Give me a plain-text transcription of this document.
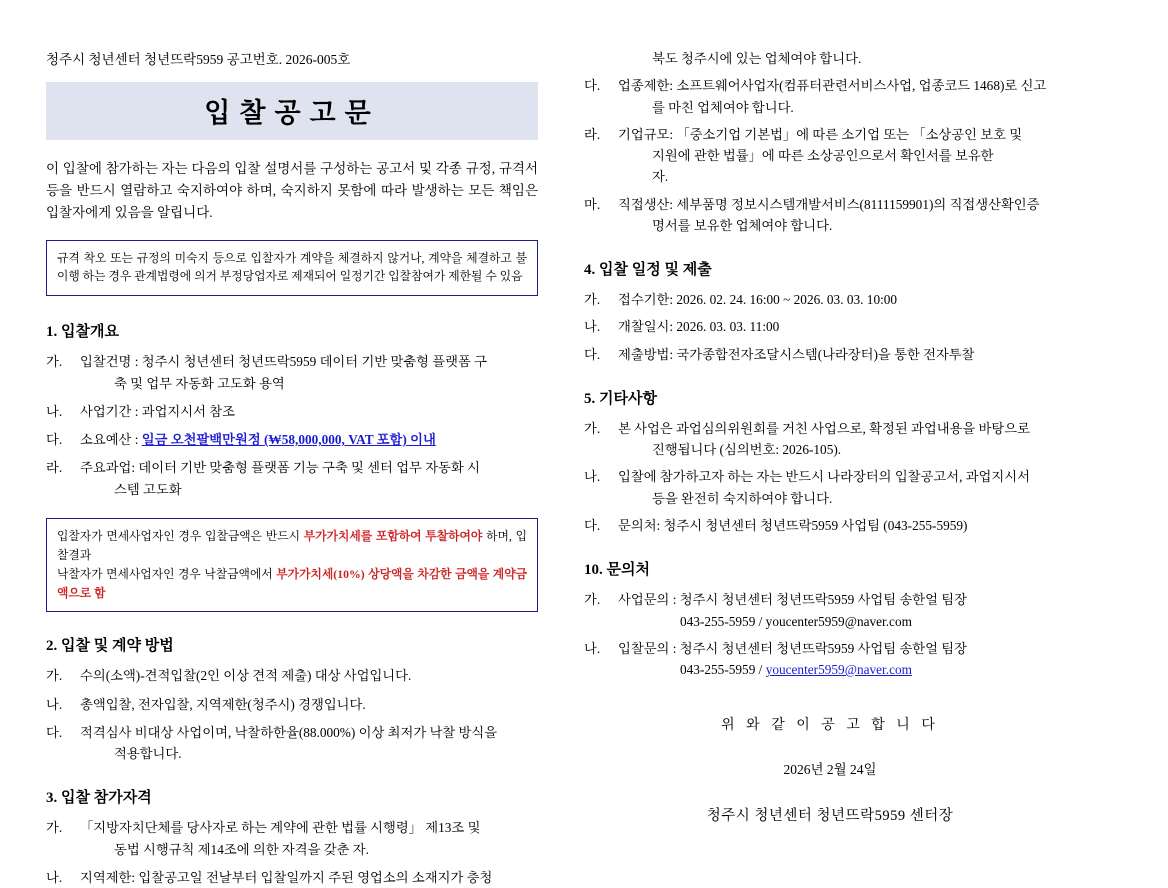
청주시 청년센터 청년뜨락5959 공고번호. 2026-005호
입찰공고문
이 입찰에 참가하는 자는 다음의 입찰 설명서를 구성하는 공고서 및 각종 규정, 규격서 등을 반드시 열람하고 숙지하여야 하며, 숙지하지 못함에 따라 발생하는 모든 책임은 입찰자에게 있음을 알립니다.
규격 착오 또는 규정의 미숙지 등으로 입찰자가 계약을 체결하지 않거나, 계약을 체결하고 불이행 하는 경우 관계법령에 의거 부정당업자로 제재되어 일정기간 입찰참여가 제한될 수 있음
1. 입찰개요
가. 입찰건명 : 청주시 청년센터 청년뜨락5959 데이터 기반 맞춤형 플랫폼 구
축 및 업무 자동화 고도화 용역
나. 사업기간 : 과업지시서 참조
다. 소요예산 : 일금 오천팔백만원정 (₩58,000,000, VAT 포함) 이내
라. 주요과업: 데이터 기반 맞춤형 플랫폼 기능 구축 및 센터 업무 자동화 시
스템 고도화
입찰자가 면세사업자인 경우 입찰금액은 반드시 부가가치세를 포함하여 투찰하여야 하며, 입찰결과
낙찰자가 면세사업자인 경우 낙찰금액에서 부가가치세(10%) 상당액을 차감한 금액을 계약금액으로 함
2. 입찰 및 계약 방법
가. 수의(소액)-견적입찰(2인 이상 견적 제출) 대상 사업입니다.
나. 총액입찰, 전자입찰, 지역제한(청주시) 경쟁입니다.
다. 적격심사 비대상 사업이며, 낙찰하한율(88.000%) 이상 최저가 낙찰 방식을
적용합니다.
3. 입찰 참가자격
가. 「지방자치단체를 당사자로 하는 계약에 관한 법률 시행령」 제13조 및
동법 시행규칙 제14조에 의한 자격을 갖춘 자.
나. 지역제한: 입찰공고일 전날부터 입찰일까지 주된 영업소의 소재지가 충청
북도 청주시에 있는 업체여야 합니다.
다. 업종제한: 소프트웨어사업자(컴퓨터관련서비스사업, 업종코드 1468)로 신고
를 마친 업체여야 합니다.
라. 기업규모: 「중소기업 기본법」에 따른 소기업 또는 「소상공인 보호 및
지원에 관한 법률」에 따른 소상공인으로서 확인서를 보유한
자.
마. 직접생산: 세부품명 정보시스템개발서비스(8111159901)의 직접생산확인증
명서를 보유한 업체여야 합니다.
4. 입찰 일정 및 제출
가. 접수기한: 2026. 02. 24. 16:00 ~ 2026. 03. 03. 10:00
나. 개찰일시: 2026. 03. 03. 11:00
다. 제출방법: 국가종합전자조달시스템(나라장터)을 통한 전자투찰
5. 기타사항
가. 본 사업은 과업심의위원회를 거친 사업으로, 확정된 과업내용을 바탕으로
진행됩니다 (심의번호: 2026-105).
나. 입찰에 참가하고자 하는 자는 반드시 나라장터의 입찰공고서, 과업지시서
등을 완전히 숙지하여야 합니다.
다. 문의처: 청주시 청년센터 청년뜨락5959 사업팀 (043-255-5959)
10. 문의처
가. 사업문의 : 청주시 청년센터 청년뜨락5959 사업팀 송한얼 팀장
043-255-5959 / youcenter5959@naver.com
나. 입찰문의 : 청주시 청년센터 청년뜨락5959 사업팀 송한얼 팀장
043-255-5959 / youcenter5959@naver.com
위 와 같 이 공 고 합 니 다
2026년 2월 24일
청주시 청년센터 청년뜨락5959 센터장
